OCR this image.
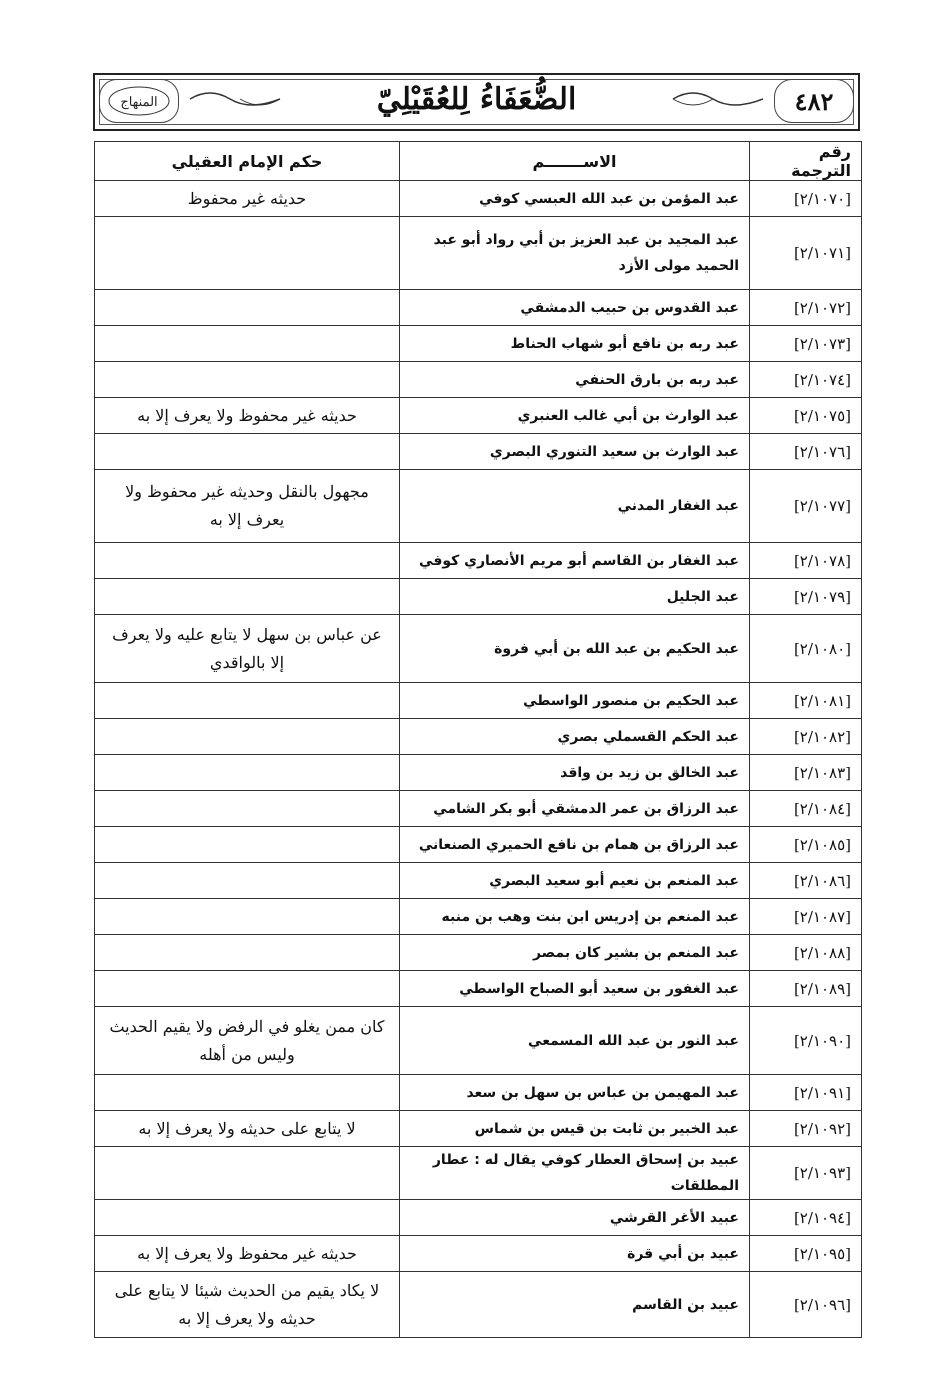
٤٨٢
الضُّعَفَاءُ لِلعُقَيْلِيّ
المنهاج
رقم الترجمة	الاســـــــم	حكم الإمام العقيلي
[٢/١٠٧٠]	عبد المؤمن بن عبد الله العبسي كوفي	حديثه غير محفوظ
[٢/١٠٧١]	عبد المجيد بن عبد العزيز بن أبي رواد أبو عبد الحميد مولى الأزد	
[٢/١٠٧٢]	عبد القدوس بن حبيب الدمشقي	
[٢/١٠٧٣]	عبد ربه بن نافع أبو شهاب الحناط	
[٢/١٠٧٤]	عبد ربه بن بارق الحنفي	
[٢/١٠٧٥]	عبد الوارث بن أبي غالب العنبري	حديثه غير محفوظ ولا يعرف إلا به
[٢/١٠٧٦]	عبد الوارث بن سعيد التنوري البصري	
[٢/١٠٧٧]	عبد الغفار المدني	مجهول بالنقل وحديثه غير محفوظ ولا يعرف إلا به
[٢/١٠٧٨]	عبد الغفار بن القاسم أبو مريم الأنصاري كوفي	
[٢/١٠٧٩]	عبد الجليل	
[٢/١٠٨٠]	عبد الحكيم بن عبد الله بن أبي فروة	عن عباس بن سهل لا يتابع عليه ولا يعرف إلا بالواقدي
[٢/١٠٨١]	عبد الحكيم بن منصور الواسطي	
[٢/١٠٨٢]	عبد الحكم القسملي بصري	
[٢/١٠٨٣]	عبد الخالق بن زيد بن واقد	
[٢/١٠٨٤]	عبد الرزاق بن عمر الدمشقي أبو بكر الشامي	
[٢/١٠٨٥]	عبد الرزاق بن همام بن نافع الحميري الصنعاني	
[٢/١٠٨٦]	عبد المنعم بن نعيم أبو سعيد البصري	
[٢/١٠٨٧]	عبد المنعم بن إدريس ابن بنت وهب بن منبه	
[٢/١٠٨٨]	عبد المنعم بن بشير كان بمصر	
[٢/١٠٨٩]	عبد الغفور بن سعيد أبو الصباح الواسطي	
[٢/١٠٩٠]	عبد النور بن عبد الله المسمعي	كان ممن يغلو في الرفض ولا يقيم الحديث وليس من أهله
[٢/١٠٩١]	عبد المهيمن بن عباس بن سهل بن سعد	
[٢/١٠٩٢]	عبد الخبير بن ثابت بن قيس بن شماس	لا يتابع على حديثه ولا يعرف إلا به
[٢/١٠٩٣]	عبيد بن إسحاق العطار كوفي يقال له : عطار المطلقات	
[٢/١٠٩٤]	عبيد الأغر القرشي	
[٢/١٠٩٥]	عبيد بن أبي قرة	حديثه غير محفوظ ولا يعرف إلا به
[٢/١٠٩٦]	عبيد بن القاسم	لا يكاد يقيم من الحديث شيئا لا يتابع على حديثه ولا يعرف إلا به
